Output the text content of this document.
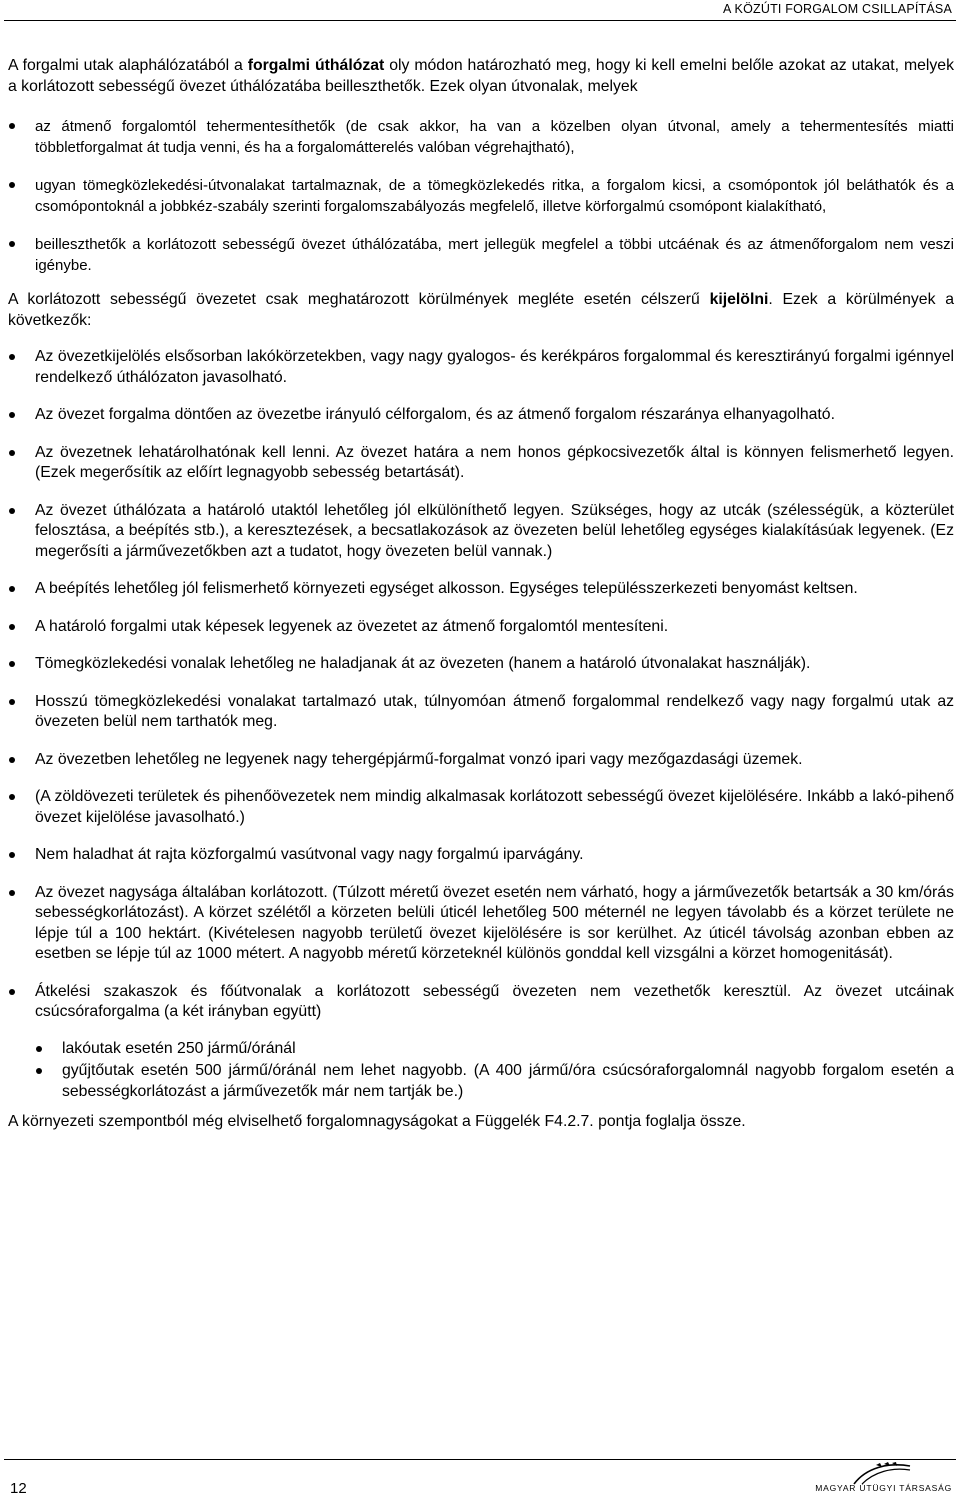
A KÖZÚTI FORGALOM CSILLAPÍTÁSA

A forgalmi utak alaphálózatából a forgalmi úthálózat oly módon határozható meg, hogy ki kell emelni belőle azokat az utakat, melyek a korlátozott sebességű övezet úthálózatába beilleszthetők. Ezek olyan útvonalak, melyek

az átmenő forgalomtól tehermentesíthetők (de csak akkor, ha van a közelben olyan útvonal, amely a tehermentesítés miatti többletforgalmat át tudja venni, és ha a forgalomátterelés valóban végrehajtható),
ugyan tömegközlekedési-útvonalakat tartalmaznak, de a tömegközlekedés ritka, a forgalom kicsi, a csomópontok jól beláthatók és a csomópontoknál a jobbkéz-szabály szerinti forgalomszabályozás megfelelő, illetve körforgalmú csomópont kialakítható,
beilleszthetők a korlátozott sebességű övezet úthálózatába, mert jellegük megfelel a többi utcáénak és az átmenőforgalom nem veszi igénybe.

A korlátozott sebességű övezetet csak meghatározott körülmények megléte esetén célszerű kijelölni. Ezek a körülmények a következők:

Az övezetkijelölés elsősorban lakókörzetekben, vagy nagy gyalogos- és kerékpáros forgalommal és keresztirányú forgalmi igénnyel rendelkező úthálózaton javasolható.
Az övezet forgalma döntően az övezetbe irányuló célforgalom, és az átmenő forgalom részaránya elhanyagolható.
Az övezetnek lehatárolhatónak kell lenni. Az övezet határa a nem honos gépkocsivezetők által is könnyen felismerhető legyen. (Ezek megerősítik az előírt legnagyobb sebesség betartását).
Az övezet úthálózata a határoló utaktól lehetőleg jól elkülöníthető legyen. Szükséges, hogy az utcák (szélességük, a közterület felosztása, a beépítés stb.), a keresztezések, a becsatlakozások az övezeten belül lehetőleg egységes kialakításúak legyenek. (Ez megerősíti a járművezetőkben azt a tudatot, hogy övezeten belül vannak.)
A beépítés lehetőleg jól felismerhető környezeti egységet alkosson. Egységes településszerkezeti benyomást keltsen.
A határoló forgalmi utak képesek legyenek az övezetet az átmenő forgalomtól mentesíteni.
Tömegközlekedési vonalak lehetőleg ne haladjanak át az övezeten (hanem a határoló útvonalakat használják).
Hosszú tömegközlekedési vonalakat tartalmazó utak, túlnyomóan átmenő forgalommal rendelkező vagy nagy forgalmú utak az övezeten belül nem tarthatók meg.
Az övezetben lehetőleg ne legyenek nagy tehergépjármű-forgalmat vonzó ipari vagy mezőgazdasági üzemek.
(A zöldövezeti területek és pihenőövezetek nem mindig alkalmasak korlátozott sebességű övezet kijelölésére. Inkább a lakó-pihenő övezet kijelölése javasolható.)
Nem haladhat át rajta közforgalmú vasútvonal vagy nagy forgalmú iparvágány.
Az övezet nagysága általában korlátozott. (Túlzott méretű övezet esetén nem várható, hogy a járművezetők betartsák a 30 km/órás sebességkorlátozást). A körzet szélétől a körzeten belüli úticél lehetőleg 500 méternél ne legyen távolabb és a körzet területe ne lépje túl a 100 hektárt. (Kivételesen nagyobb területű övezet kijelölésére is sor kerülhet. Az úticél távolság azonban ebben az esetben se lépje túl az 1000 métert. A nagyobb méretű körzeteknél különös gonddal kell vizsgálni a körzet homogenitását).
Átkelési szakaszok és főútvonalak a korlátozott sebességű övezeten nem vezethetők keresztül. Az övezet utcáinak csúcsóraforgalma (a két irányban együtt)
lakóutak esetén 250 jármű/óránál
gyűjtőutak esetén 500 jármű/óránál nem lehet nagyobb. (A 400 jármű/óra csúcsóraforgalomnál nagyobb forgalom esetén a sebességkorlátozást a járművezetők már nem tartják be.)

A környezeti szempontból még elviselhető forgalomnagyságokat a Függelék F4.2.7. pontja foglalja össze.

12	MAGYAR ÚTÜGYI TÁRSASÁG
